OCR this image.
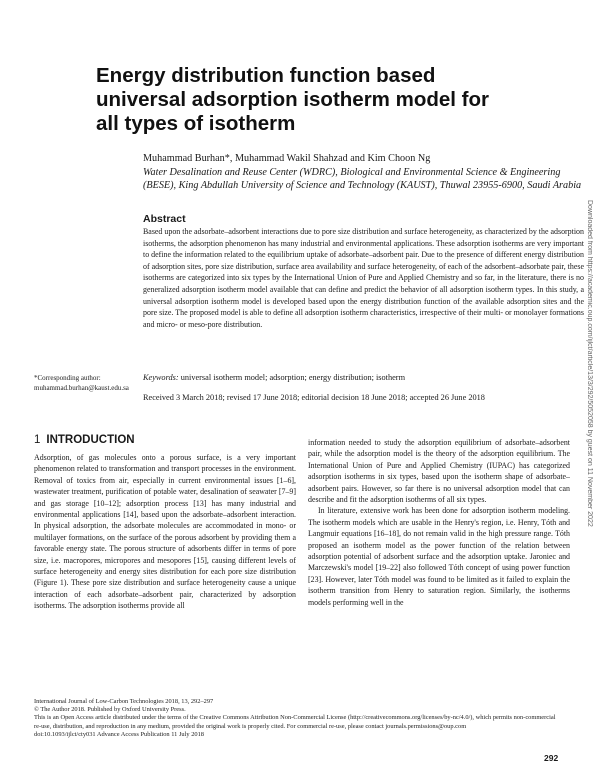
Energy distribution function based universal adsorption isotherm model for all types of isotherm
Muhammad Burhan*, Muhammad Wakil Shahzad and Kim Choon Ng
Water Desalination and Reuse Center (WDRC), Biological and Environmental Science & Engineering (BESE), King Abdullah University of Science and Technology (KAUST), Thuwal 23955-6900, Saudi Arabia
Abstract
Based upon the adsorbate–adsorbent interactions due to pore size distribution and surface heterogeneity, as characterized by the adsorption isotherms, the adsorption phenomenon has many industrial and environmental applications. These adsorption isotherms are very important to define the information related to the equilibrium uptake of adsorbate–adsorbent pair. Due to the presence of different energy distribution of adsorption sites, pore size distribution, surface area availability and surface heterogeneity, of each of the adsorbent–adsorbate pair, these isotherms are categorized into six types by the International Union of Pure and Applied Chemistry and so far, in the literature, there is no generalized adsorption isotherm model available that can define and predict the behavior of all adsorption isotherm types. In this study, a universal adsorption isotherm model is developed based upon the energy distribution function of the available adsorption sites and the pore size. The proposed model is able to define all adsorption isotherm characteristics, irrespective of their multi- or monolayer formations and micro- or meso-pore distribution.
Keywords: universal isotherm model; adsorption; energy distribution; isotherm
Received 3 March 2018; revised 17 June 2018; editorial decision 18 June 2018; accepted 26 June 2018
*Corresponding author: muhammad.burhan@kaust.edu.sa
1 INTRODUCTION

Adsorption, of gas molecules onto a porous surface, is a very important phenomenon related to transformation and transport processes in the environment. Removal of toxics from air, especially in current environmental issues [1–6], wastewater treatment, purification of potable water, desalination of seawater [7–9] and gas storage [10–12]; adsorption process [13] has many industrial and environmental applications [14], based upon the adsorbate–adsorbent interaction. In physical adsorption, the adsorbate molecules are accommodated in mono- or multilayer formations, on the surface of the porous adsorbent by providing them a favorable energy state. The porous structure of adsorbents differ in terms of pore size, i.e. macropores, micropores and mesopores [15], causing different levels of surface heterogeneity and energy sites distribution for each pore size distribution (Figure 1). These pore size distribution and surface heterogeneity cause a unique interaction of each adsorbate–adsorbent pair, characterized by adsorption isotherms. The adsorption isotherms provide all

information needed to study the adsorption equilibrium of adsorbate–adsorbent pair, while the adsorption model is the theory of the adsorption equilibrium. The International Union of Pure and Applied Chemistry (IUPAC) has categorized adsorption isotherms in six types, based upon the isotherm shape of adsorbate–adsorbent pairs. However, so far there is no universal adsorption model that can describe and fit the adsorption isotherms of all six types.

In literature, extensive work has been done for adsorption isotherm modeling. The isotherm models which are usable in the Henry's region, i.e. Henry, Tóth and Langmuir equations [16–18], do not remain valid in the high pressure range. Tóth proposed an isotherm model as the power function of the relation between adsorption potential of adsorbent surface and the adsorption uptake. Jaroniec and Marczewski's model [19–22] also followed Tóth concept of using power function [23]. However, later Tóth model was found to be limited as it failed to explain the isotherm transition from Henry to saturation region. Similarly, the isotherms models performing well in the

Downloaded from https://academic.oup.com/ijlct/article/13/3/292/5052058 by guest on 11 November 2022
International Journal of Low-Carbon Technologies 2018, 13, 292–297
© The Author 2018. Published by Oxford University Press.
This is an Open Access article distributed under the terms of the Creative Commons Attribution Non-Commercial License (http://creativecommons.org/licenses/by-nc/4.0/), which permits non-commercial re-use, distribution, and reproduction in any medium, provided the original work is properly cited. For commercial re-use, please contact journals.permissions@oup.com
doi:10.1093/ijlct/cty031 Advance Access Publication 11 July 2018
292
